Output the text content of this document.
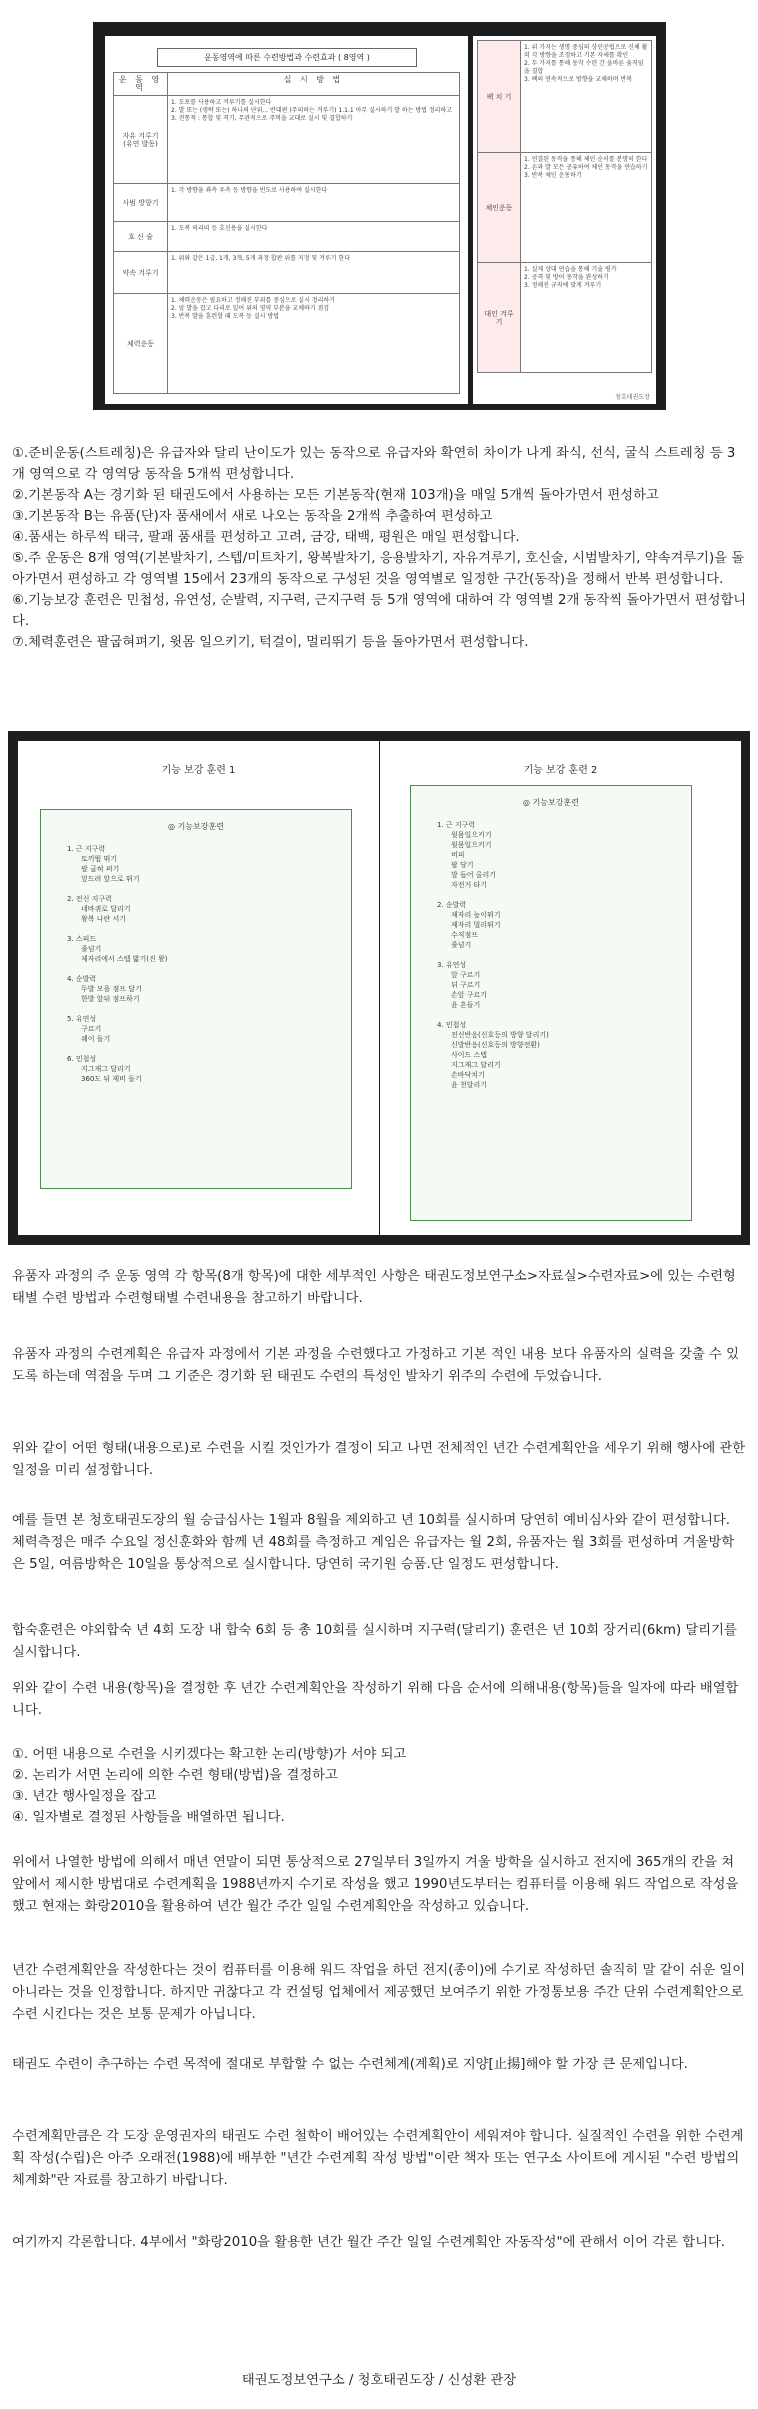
운동영역에 따른 수련방법과 수련효과 ( 8영역 )
운 동 영 역	실 시 방 법
자유 겨루기 (유연 발동)	1. 도포를 사용하고 겨루기를 실시한다
2. 발 또는 (생략 또는) 하나의 단위... 반대편 (주의하는 겨루기) 1.1.1 아무 실시하기 발 하는 방법 정리하고
3. 전통적 : 통합 및 격기, 무관적으로 주먹을 교대로 실시 및 결합하기
사범 방향기	1. 각 방향을 좌측 우측 등 방향을 빈도로 사용하여 실시한다
호 신 술	1. 도복 허리띠 등 호신용을 실시한다
약속 겨루기	1. 위와 같은 1급, 1개, 3개, 5개 과정 합판 위를 지정 및 겨루기 한다
체력운동	1. 체력운동은 필요하고 정해진 부위를 중심으로 실시 정리하기
2. 앞 발을 잡고 다리로 밀어 위의 영역 부분을 교체하기 점검
3. 반복 발을 훈련할 때 도복 등 실시 방법
팩 치 기	1. 위 가지는 생명 중심의 상인공법으로 신체 활력 각 방향을 조정하고 기본 자세를 확인
2. 두 가지를 통해 동작 수련 간 올바른 움직임을 결합
3. 팩의 연속적으로 방향을 교체하며 반복
체인운동	1. 연결된 동작을 통해 체인 순서를 분명히 한다
2. 손과 발 모든 공유하여 체인 동작을 연습하기
3. 반복 체인 운동하기
대인 겨루기	1. 실제 상대 연습을 통해 기술 평가
2. 공격 및 방어 동작을 완성하기
3. 정해진 규칙에 맞게 겨루기
청호태권도장
①.준비운동(스트레칭)은 유급자와 달리 난이도가 있는 동작으로 유급자와 확연히 차이가 나게 좌식, 선식, 굴식 스트레칭 등 3개 영역으로 각 영역당 동작을 5개씩 편성합니다.
②.기본동작 A는 경기화 된 태권도에서 사용하는 모든 기본동작(현재 103개)을 매일 5개씩 돌아가면서 편성하고
③.기본동작 B는 유품(단)자 품새에서 새로 나오는 동작을 2개씩 추출하여 편성하고
④.품새는 하루씩 태극, 팔괘 품새를 편성하고 고려, 금강, 태백, 평원은 매일 편성합니다.
⑤.주 운동은 8개 영역(기본발차기, 스텝/미트차기, 왕복발차기, 응용발차기, 자유겨루기, 호신술, 시범발차기, 약속겨루기)을 돌아가면서 편성하고 각 영역별 15에서 23개의 동작으로 구성된 것을 영역별로 일정한 구간(동작)을 정해서 반복 편성합니다.
⑥.기능보강 훈련은 민첩성, 유연성, 순발력, 지구력, 근지구력 등 5개 영역에 대하여 각 영역별 2개 동작씩 돌아가면서 편성합니다.
⑦.체력훈련은 팔굽혀펴기, 윗몸 일으키기, 턱걸이, 멀리뛰기 등을 돌아가면서 편성합니다.
기능 보강 훈련 1
◎ 기능보강훈련
1. 근 지구력
토끼뜀 뛰기
팔 굽혀 펴기
엎드려 앞으로 뛰기
2. 전신 지구력
네바퀴로 달리기
왕복 나란 서기
3. 스피드
줄넘기
제자리에서 스텝 밟기(진 왕)
4. 순발력
두발 모을 점프 달기
한발 앞뒤 점프하기
5. 유연성
구르기
쉐이 돌기
6. 민첩성
지그재그 달리기
360도 뒤 제비 돌기
기능 보강 훈련 2
◎ 기능보강훈련
1. 근 지구력
윗몸일으키기
윗몸일으키기
버피
팔 당기
발 들어 올리기
자전거 타기
2. 순발력
제자리 높이뛰기
제자리 멀리뛰기
수직점프
줄넘기
3. 유연성
앞 구르기
뒤 구르기
손앞 구르기
윤 흔들기
4. 민첩성
전신반응(신호등의 방향 달리기)
신발반응(신호등의 방향전환)
사이드 스텝
지그재그 달리기
손바닥치기
윤 천달리기

유품자 과정의 주 운동 영역 각 항목(8개 항목)에 대한 세부적인 사항은 태권도정보연구소>자료실>수련자료>에 있는 수련형태별 수련 방법과 수련형태별 수련내용을 참고하기 바랍니다.

유품자 과정의 수련계획은 유급자 과정에서 기본 과정을 수련했다고 가정하고 기본 적인 내용 보다 유품자의 실력을 갖출 수 있도록 하는데 역점을 두며 그 기준은 경기화 된 태권도 수련의 특성인 발차기 위주의 수련에 두었습니다.

위와 같이 어떤 형태(내용으로)로 수련을 시킬 것인가가 결정이 되고 나면 전체적인 년간 수련계획안을 세우기 위해 행사에 관한 일정을 미리 설정합니다.

예를 들면 본 청호태권도장의 월 승급심사는 1월과 8월을 제외하고 년 10회를 실시하며 당연히 예비심사와 같이 편성합니다. 체력측정은 매주 수요일 정신훈화와 함께 년 48회를 측정하고 계임은 유급자는 월 2회, 유품자는 월 3회를 편성하며 겨울방학은 5일, 여름방학은 10일을 통상적으로 실시합니다. 당연히 국기원 승품.단 일정도 편성합니다.

합숙훈련은 야외합숙 년 4회 도장 내 합숙 6회 등 총 10회를 실시하며 지구력(달리기) 훈련은 년 10회 장거리(6km) 달리기를 실시합니다.

위와 같이 수련 내용(항목)을 결정한 후 년간 수련계획안을 작성하기 위해 다음 순서에 의해내용(항목)들을 일자에 따라 배열합니다.

①. 어떤 내용으로 수련을 시키겠다는 확고한 논리(방향)가 서야 되고
②. 논리가 서면 논리에 의한 수련 형태(방법)을 결정하고
③. 년간 행사일정을 잡고
④. 일자별로 결정된 사항들을 배열하면 됩니다.

위에서 나열한 방법에 의해서 매년 연말이 되면 통상적으로 27일부터 3일까지 겨울 방학을 실시하고 전지에 365개의 칸을 쳐 앞에서 제시한 방법대로 수련계획을 1988년까지 수기로 작성을 했고 1990년도부터는 컴퓨터를 이용해 워드 작업으로 작성을 했고 현재는 화랑2010을 활용하여 년간 월간 주간 일일 수련계획안을 작성하고 있습니다.

년간 수련계획안을 작성한다는 것이 컴퓨터를 이용해 워드 작업을 하던 전지(종이)에 수기로 작성하던 솔직히 말 같이 쉬운 일이 아니라는 것을 인정합니다. 하지만 귀찮다고 각 컨설팅 업체에서 제공했던 보여주기 위한 가정통보용 주간 단위 수련계획안으로 수련 시킨다는 것은 보통 문제가 아닙니다.

태권도 수련이 추구하는 수련 목적에 절대로 부합할 수 없는 수련체계(계획)로 지양[止揚]해야 할 가장 큰 문제입니다.

수련계획만큼은 각 도장 운영권자의 태권도 수련 철학이 배어있는 수련계획안이 세워져야 합니다. 실질적인 수련을 위한 수련계획 작성(수립)은 아주 오래전(1988)에 배부한 "년간 수련계획 작성 방법"이란 책자 또는 연구소 사이트에 게시된 "수련 방법의 체계화"란 자료를 참고하기 바랍니다.

여기까지 각론합니다. 4부에서 "화랑2010을 활용한 년간 월간 주간 일일 수련계획안 자동작성"에 관해서 이어 각론 합니다.

태권도정보연구소 / 청호태권도장 / 신성환 관장
